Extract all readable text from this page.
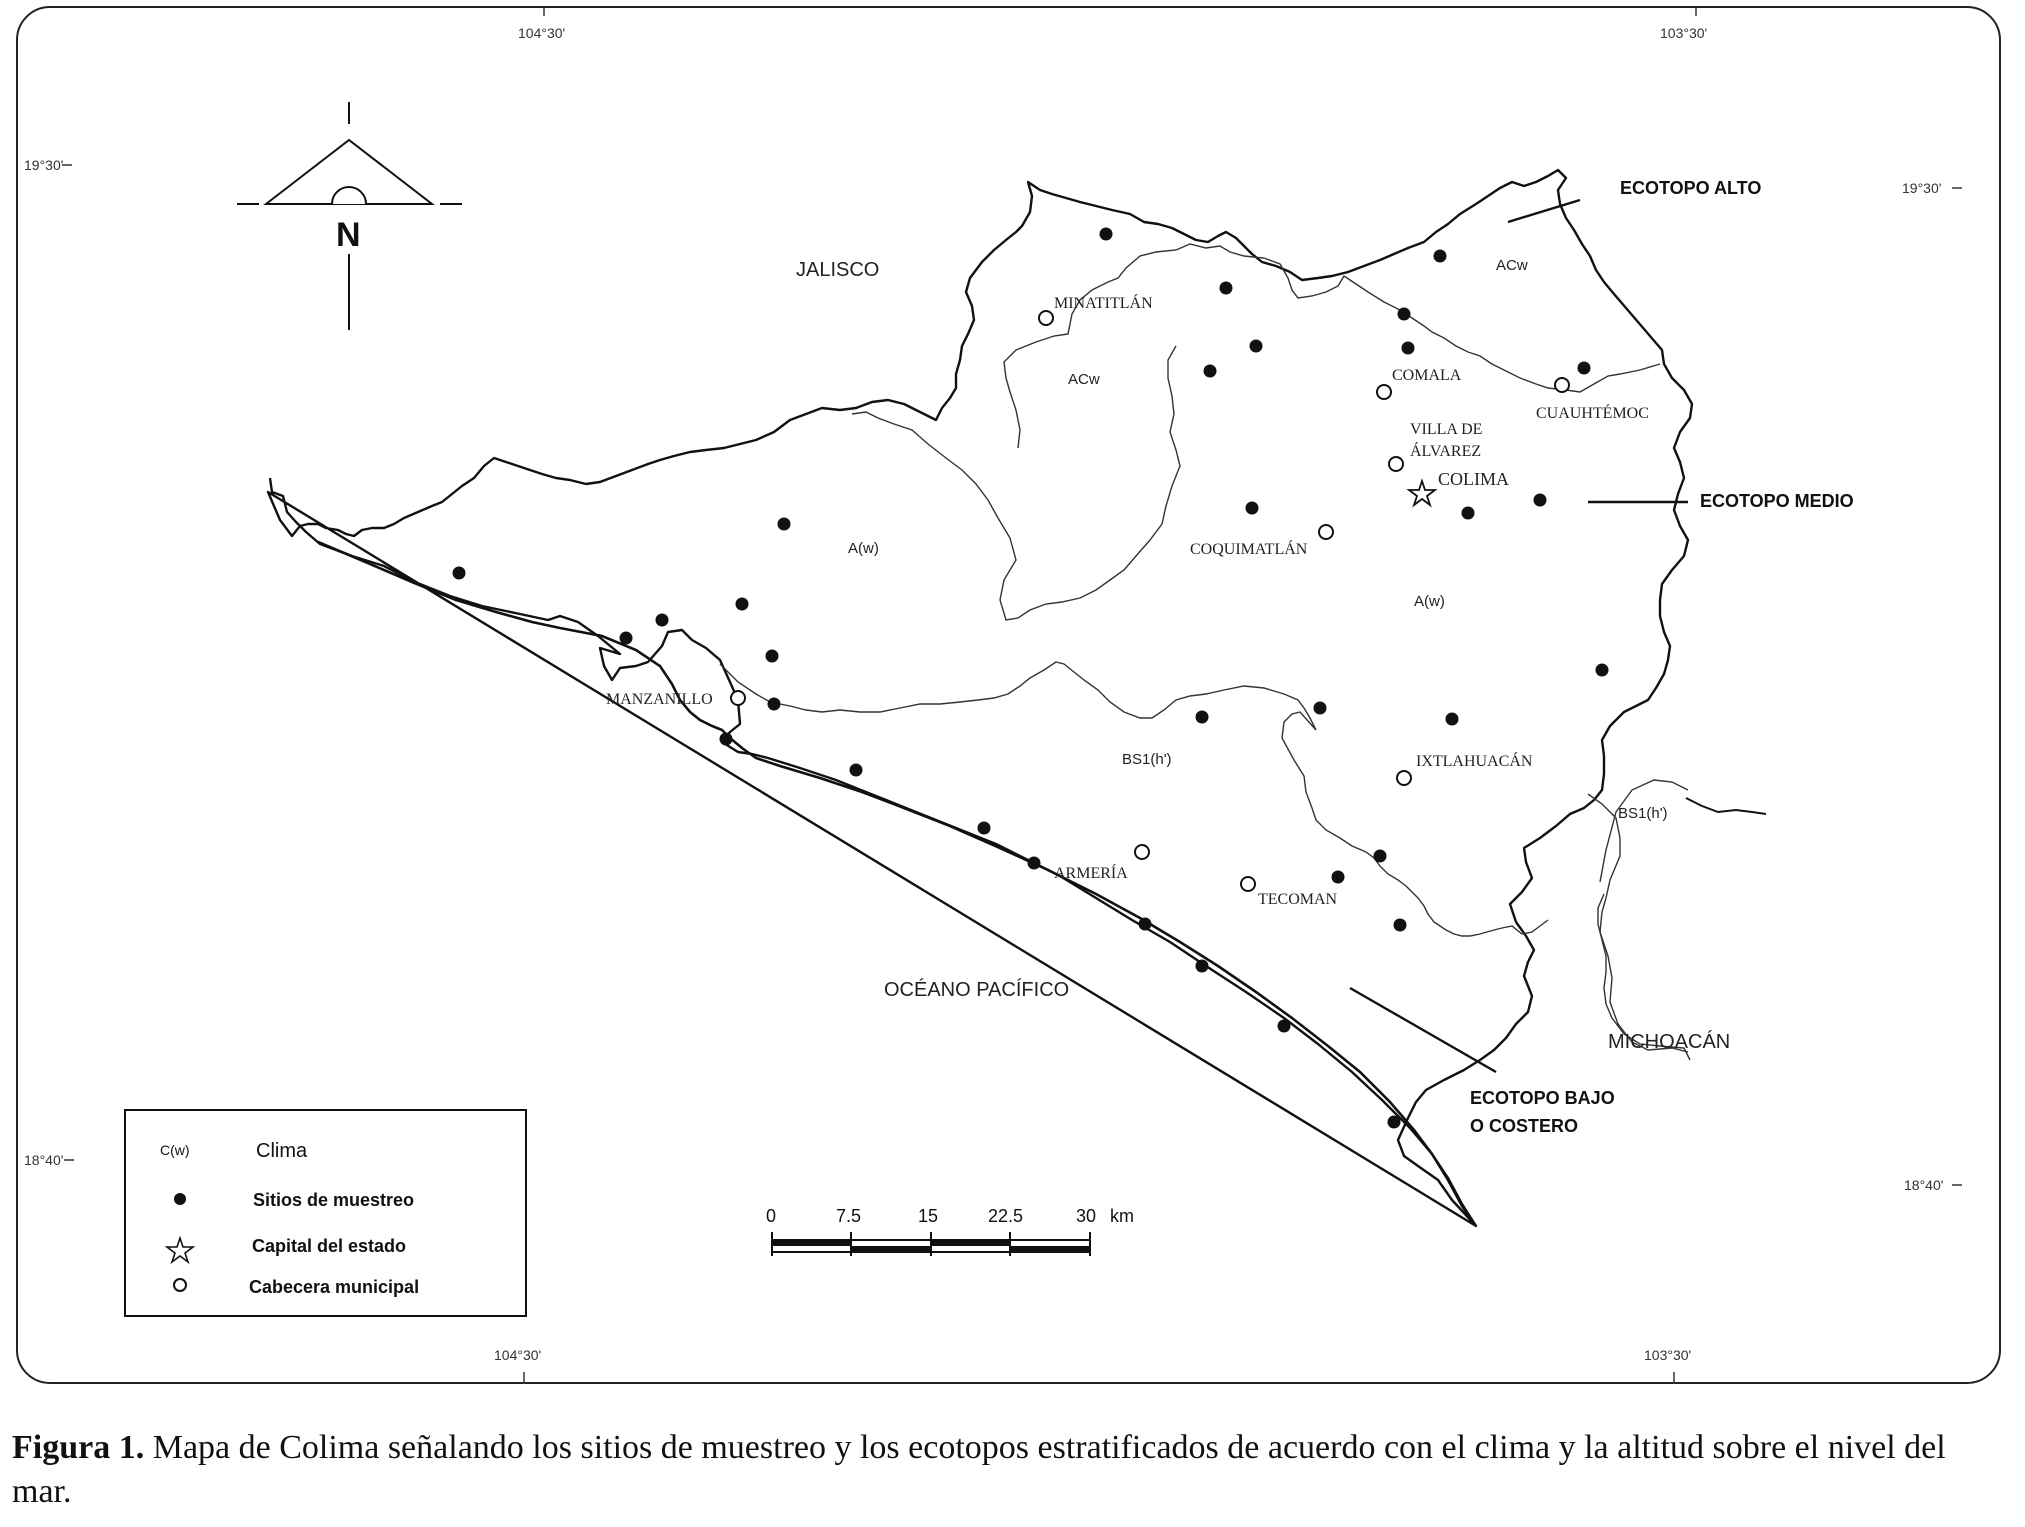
104°30'	103°30'
104°30'	103°30'
19°30'
19°30'
18°40'
18°40'
N
JALISCO
MICHOACÁN
OCÉANO PACÍFICO
ECOTOPO ALTO
ECOTOPO MEDIO
ECOTOPO BAJO
O COSTERO
ACw
ACw
A(w)
A(w)
BS1(h')
BS1(h')
MINATITLÁN
COMALA
CUAUHTÉMOC
VILLA DE
ÁLVAREZ
COLIMA
COQUIMATLÁN
MANZANILLO
IXTLAHUACÁN
ARMERÍA
TECOMAN
C(w)	Clima
Sitios de muestreo
Capital del estado
Cabecera municipal
0	7.5	15	22.5	30 km
Figura 1. Mapa de Colima señalando los sitios de muestreo y los ecotopos estratificados de acuerdo con el clima y la altitud sobre el nivel del mar.
